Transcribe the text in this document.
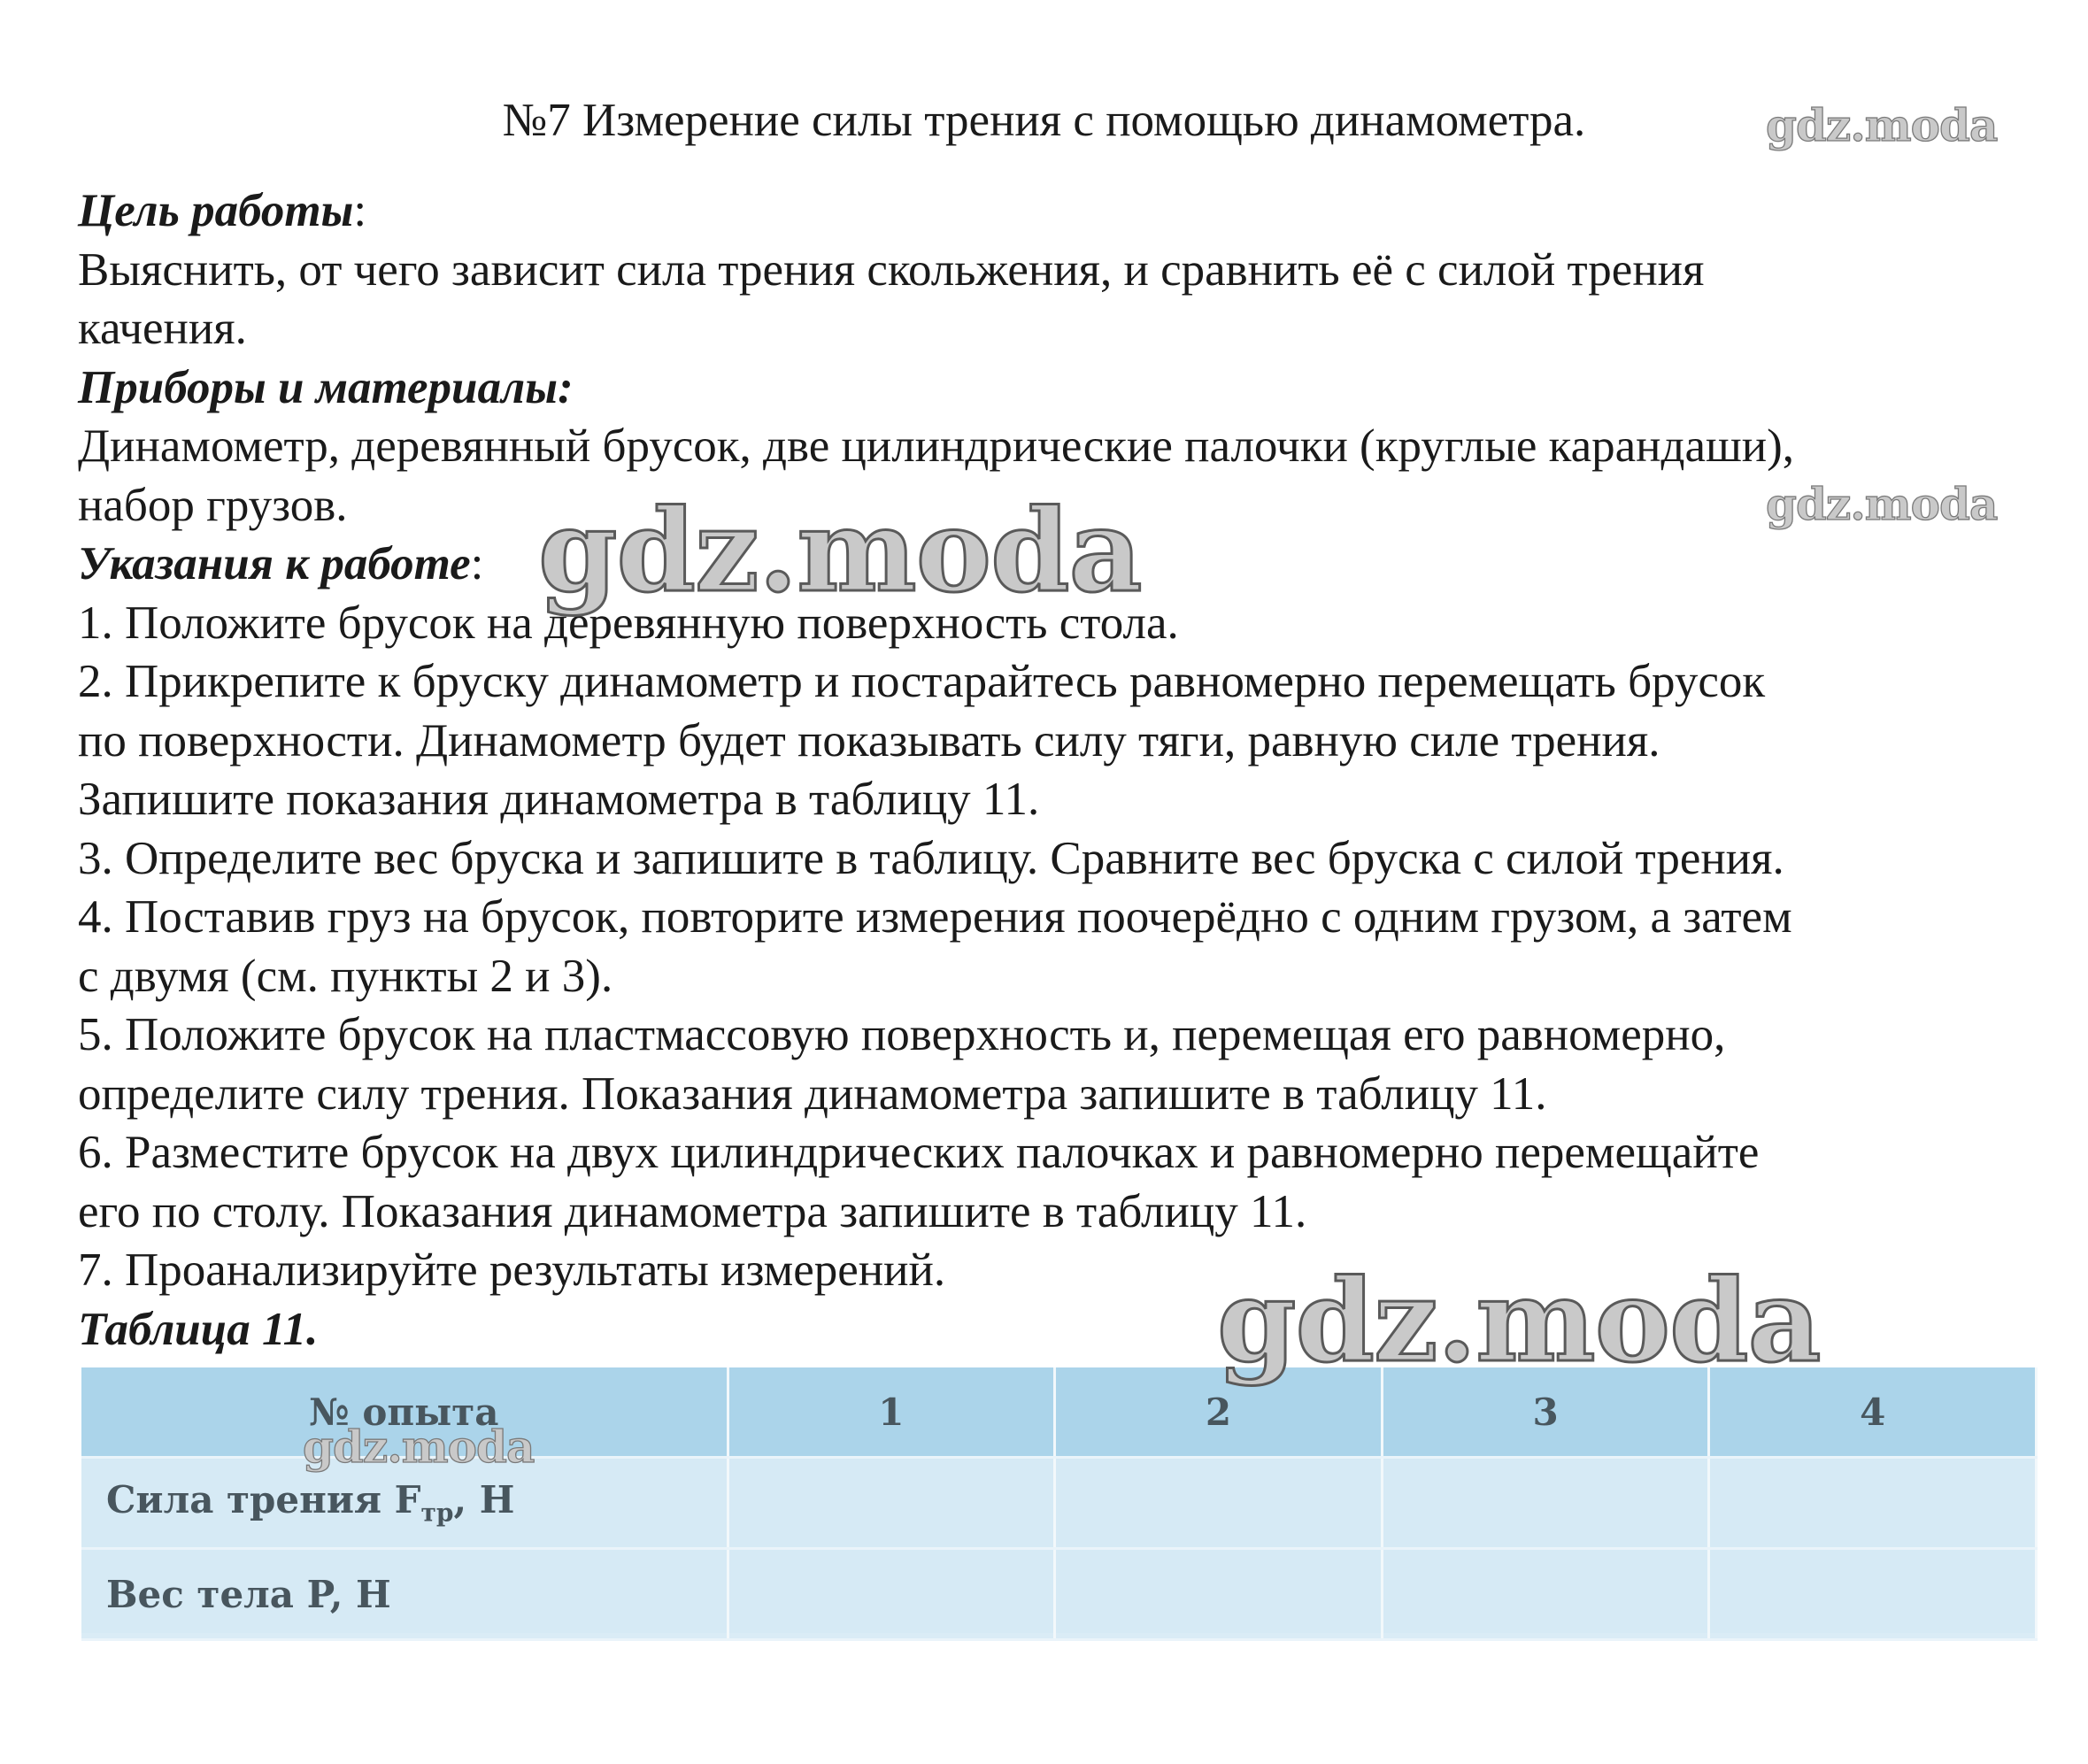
№7 Измерение силы трения с помощью динамометра.
Цель работы:
Выяснить, от чего зависит сила трения скольжения, и сравнить её с силой трения
качения.
Приборы и материалы:
Динамометр, деревянный брусок, две цилиндрические палочки (круглые карандаши),
набор грузов.
Указания к работе:
1. Положите брусок на деревянную поверхность стола.
2. Прикрепите к бруску динамометр и постарайтесь равномерно перемещать брусок
по поверхности. Динамометр будет показывать силу тяги, равную силе трения.
Запишите показания динамометра в таблицу 11.
3. Определите вес бруска и запишите в таблицу. Сравните вес бруска с силой трения.
4. Поставив груз на брусок, повторите измерения поочерёдно с одним грузом, а затем
с двумя (см. пункты 2 и 3).
5. Положите брусок на пластмассовую поверхность и, перемещая его равномерно,
определите силу трения. Показания динамометра запишите в таблицу 11.
6. Разместите брусок на двух цилиндрических палочках и равномерно перемещайте
его по столу. Показания динамометра запишите в таблицу 11.
7. Проанализируйте результаты измерений.
Таблица 11.
№ опыта	1	2	3	4
Сила трения $F_{тр}$, Н				
Вес тела P, Н				
gdz.moda
gdz.moda
gdz.moda
gdz.moda
gdz.moda
